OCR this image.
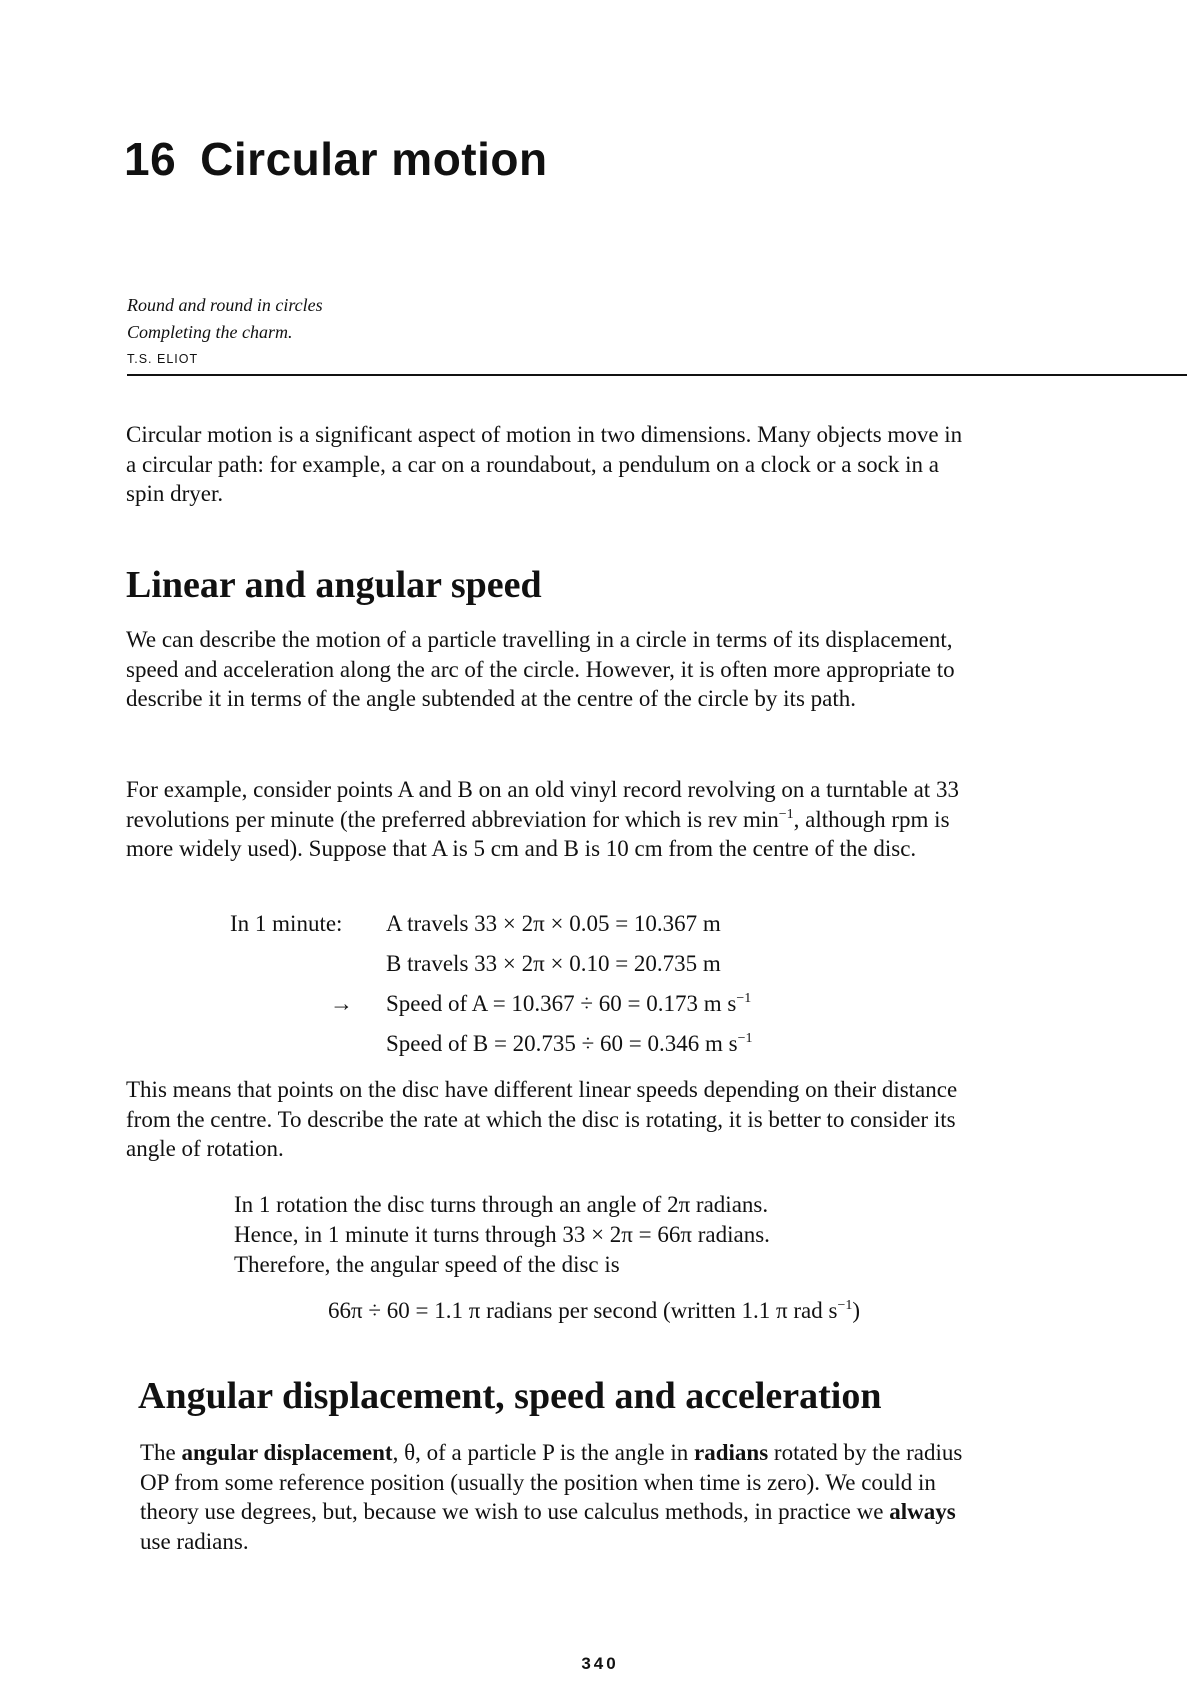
16 Circular motion
Round and round in circles
Completing the charm.
T.S. ELIOT

Circular motion is a significant aspect of motion in two dimensions. Many objects move in a circular path: for example, a car on a roundabout, a pendulum on a clock or a sock in a spin dryer.

Linear and angular speed

We can describe the motion of a particle travelling in a circle in terms of its displacement, speed and acceleration along the arc of the circle. However, it is often more appropriate to describe it in terms of the angle subtended at the centre of the circle by its path.

For example, consider points A and B on an old vinyl record revolving on a turntable at 33 revolutions per minute (the preferred abbreviation for which is rev $\min^{-1}$, although rpm is more widely used). Suppose that A is 5 cm and B is 10 cm from the centre of the disc.

In 1 minute: A travels 33 × 2π × 0.05 = 10.367 m
B travels 33 × 2π × 0.10 = 20.735 m
→ Speed of A = 10.367 ÷ 60 = 0.173 m $s^{-1}$
Speed of B = 20.735 ÷ 60 = 0.346 m $s^{-1}$

This means that points on the disc have different linear speeds depending on their distance from the centre. To describe the rate at which the disc is rotating, it is better to consider its angle of rotation.

In 1 rotation the disc turns through an angle of 2π radians.
Hence, in 1 minute it turns through 33 × 2π = 66π radians.
Therefore, the angular speed of the disc is
66π ÷ 60 = 1.1 π radians per second (written 1.1 π rad $s^{-1}$)
Angular displacement, speed and acceleration

The angular displacement, θ, of a particle P is the angle in radians rotated by the radius OP from some reference position (usually the position when time is zero). We could in theory use degrees, but, because we wish to use calculus methods, in practice we always use radians.

340
